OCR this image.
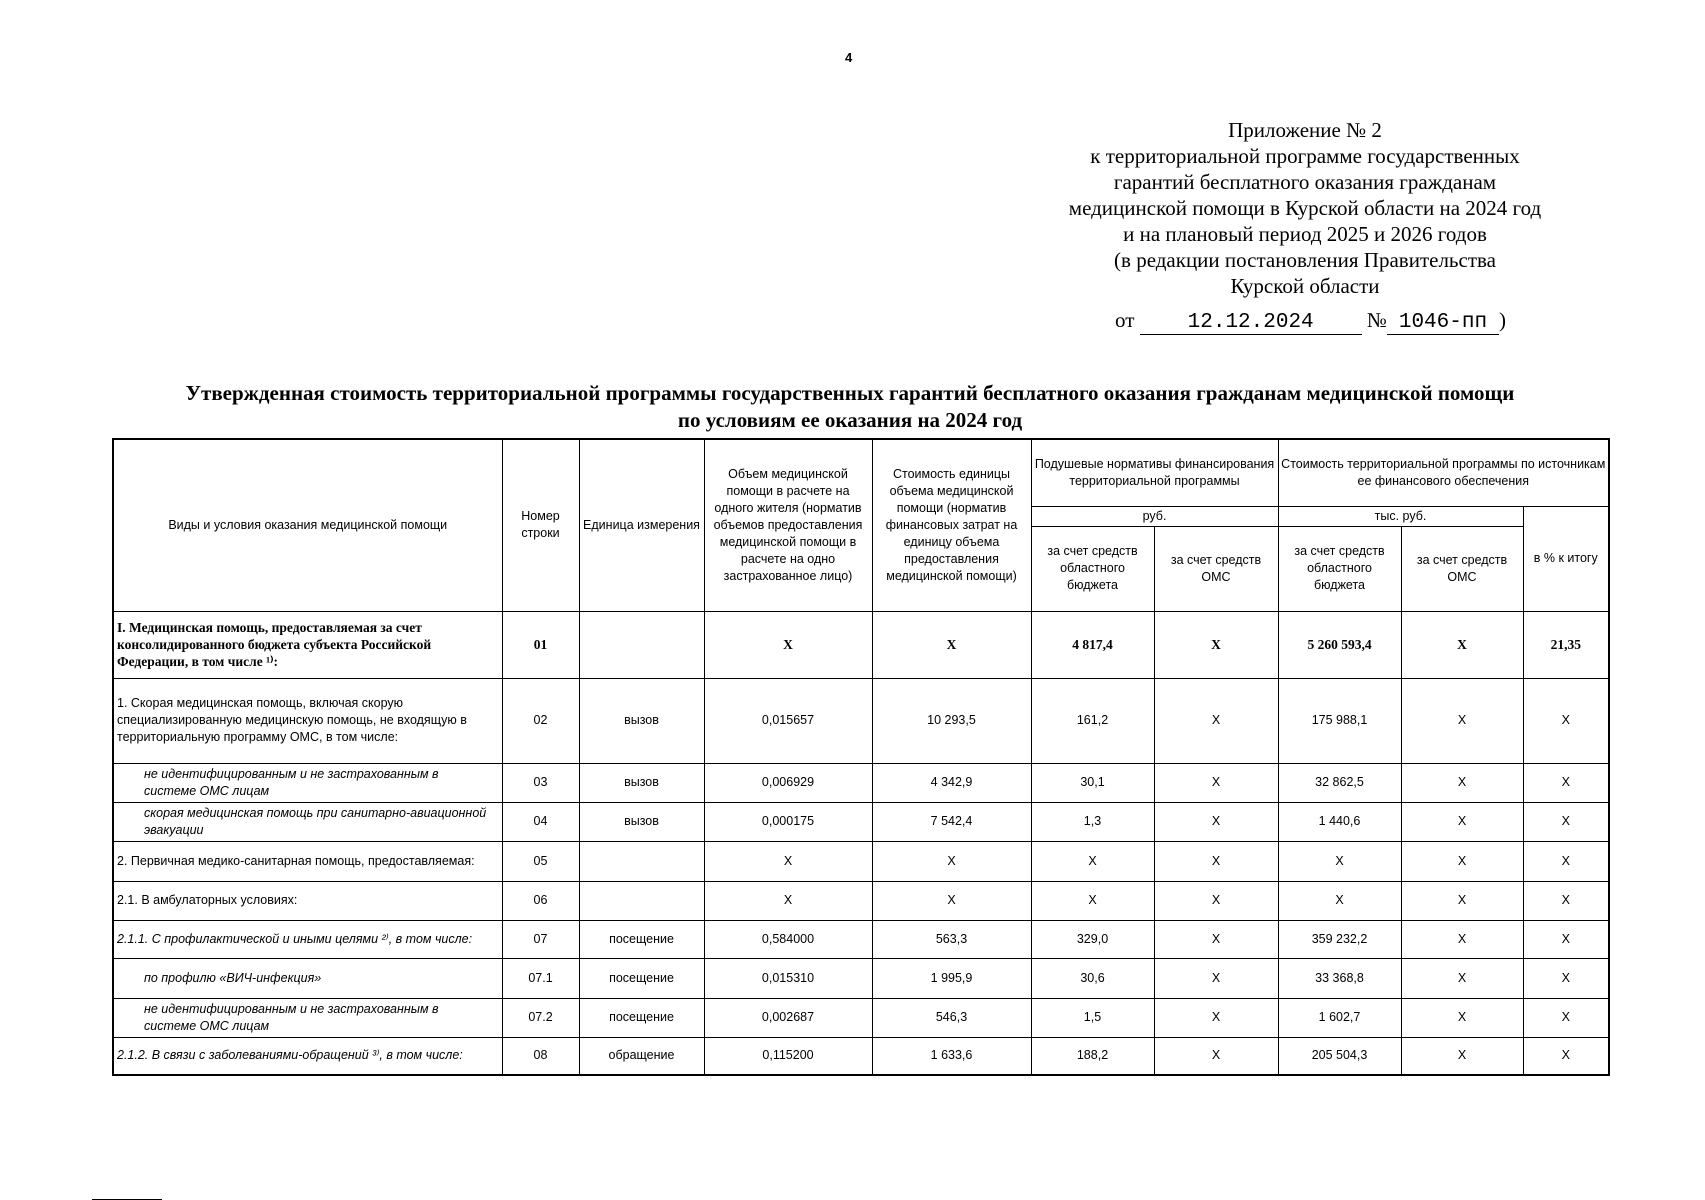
4
Приложение № 2
к территориальной программе государственных
гарантий бесплатного оказания гражданам
медицинской помощи в Курской области на 2024 год
и на плановый период 2025 и 2026 годов
(в редакции постановления Правительства
Курской области
от	12.12.2024	№ 1046-пп )
Утвержденная стоимость территориальной программы государственных гарантий бесплатного оказания гражданам медицинской помощи
по условиям ее оказания на 2024 год
Виды и условия оказания медицинской помощи	Номер строки	Единица измерения	Объем медицинской помощи в расчете на одного жителя (норматив объемов предоставления медицинской помощи в расчете на одно застрахованное лицо)	Стоимость единицы объема медицинской помощи (норматив финансовых затрат на единицу объема предоставления медицинской помощи)	Подушевые нормативы финансирования территориальной программы		Стоимость территориальной программы по источникам ее финансового обеспечения		
					руб.		тыс. руб.		в % к итогу
					за счет средств областного бюджета	за счет средств ОМС	за счет средств областного бюджета	за счет средств ОМС	
I. Медицинская помощь, предоставляемая за счет консолидированного бюджета субъекта Российской Федерации, в том числе ¹⁾:	01		Х	Х	4 817,4	Х	5 260 593,4	Х	21,35
1. Скорая медицинская помощь, включая скорую специализированную медицинскую помощь, не входящую в территориальную программу ОМС, в том числе:	02	вызов	0,015657	10 293,5	161,2	Х	175 988,1	Х	Х
не идентифицированным и не застрахованным в системе ОМС лицам	03	вызов	0,006929	4 342,9	30,1	Х	32 862,5	Х	Х
скорая медицинская помощь при санитарно-авиационной эвакуации	04	вызов	0,000175	7 542,4	1,3	Х	1 440,6	Х	Х
2. Первичная медико-санитарная помощь, предоставляемая:	05		Х	Х	Х	Х	Х	Х	Х
2.1. В амбулаторных условиях:	06		Х	Х	Х	Х	Х	Х	Х
2.1.1. С профилактической и иными целями ²⁾, в том числе:	07	посещение	0,584000	563,3	329,0	Х	359 232,2	Х	Х
по профилю «ВИЧ-инфекция»	07.1	посещение	0,015310	1 995,9	30,6	Х	33 368,8	Х	Х
не идентифицированным и не застрахованным в системе ОМС лицам	07.2	посещение	0,002687	546,3	1,5	Х	1 602,7	Х	Х
2.1.2. В связи с заболеваниями-обращений ³⁾, в том числе:	08	обращение	0,115200	1 633,6	188,2	Х	205 504,3	Х	Х
